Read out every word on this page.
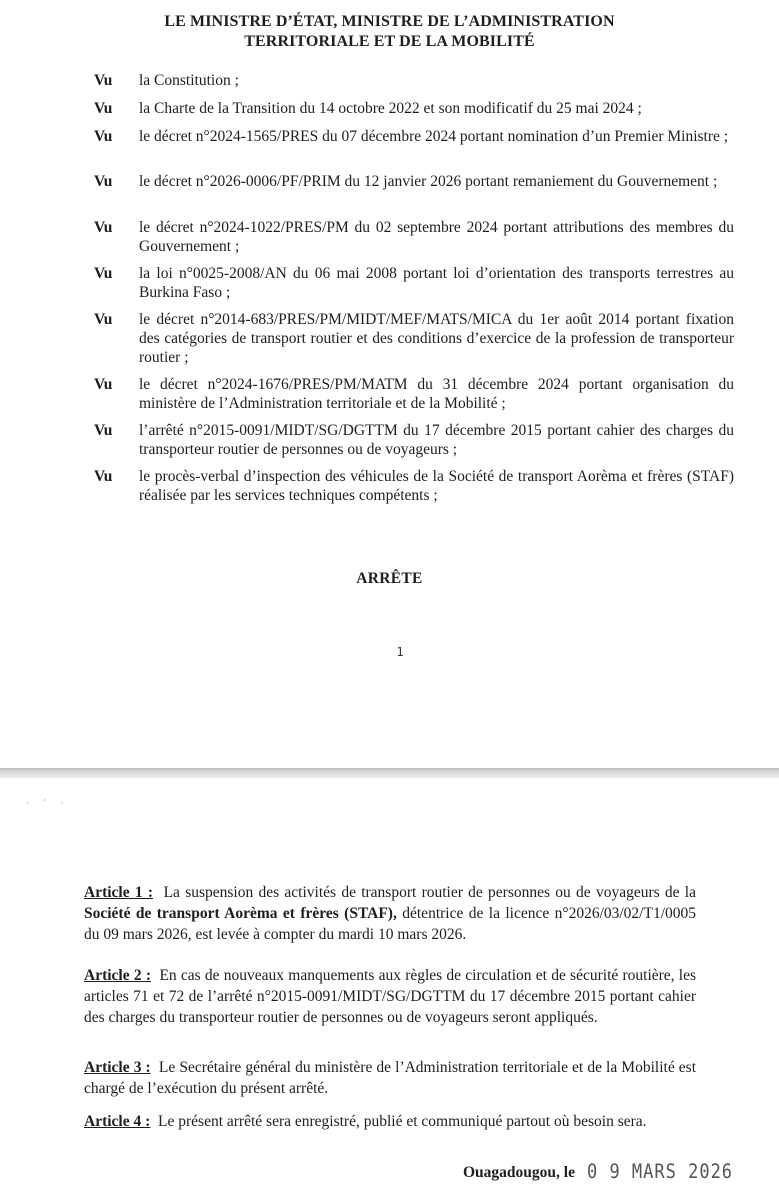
LE MINISTRE D’ÉTAT, MINISTRE DE L’ADMINISTRATION
TERRITORIALE ET DE LA MOBILITÉ
Vu la Constitution ;
Vu la Charte de la Transition du 14 octobre 2022 et son modificatif du 25 mai 2024 ;
Vu le décret n°2024-1565/PRES du 07 décembre 2024 portant nomination d’un Premier Ministre ;
Vu le décret n°2026-0006/PF/PRIM du 12 janvier 2026 portant remaniement du Gouvernement ;
Vu le décret n°2024-1022/PRES/PM du 02 septembre 2024 portant attributions des membres du Gouvernement ;
Vu la loi n°0025-2008/AN du 06 mai 2008 portant loi d’orientation des transports terrestres au Burkina Faso ;
Vu le décret n°2014-683/PRES/PM/MIDT/MEF/MATS/MICA du 1er août 2014 portant fixation des catégories de transport routier et des conditions d’exercice de la profession de transporteur routier ;
Vu le décret n°2024-1676/PRES/PM/MATM du 31 décembre 2024 portant organisation du ministère de l’Administration territoriale et de la Mobilité ;
Vu l’arrêté n°2015-0091/MIDT/SG/DGTTM du 17 décembre 2015 portant cahier des charges du transporteur routier de personnes ou de voyageurs ;
Vu le procès-verbal d’inspection des véhicules de la Société de transport Aorèma et frères (STAF) réalisée par les services techniques compétents ;
ARRÊTE
1
· ˊ ·
Article 1 : La suspension des activités de transport routier de personnes ou de voyageurs de la Société de transport Aorèma et frères (STAF), détentrice de la licence n°2026/03/02/T1/0005 du 09 mars 2026, est levée à compter du mardi 10 mars 2026.
Article 2 : En cas de nouveaux manquements aux règles de circulation et de sécurité routière, les articles 71 et 72 de l’arrêté n°2015-0091/MIDT/SG/DGTTM du 17 décembre 2015 portant cahier des charges du transporteur routier de personnes ou de voyageurs seront appliqués.
Article 3 : Le Secrétaire général du ministère de l’Administration territoriale et de la Mobilité est chargé de l’exécution du présent arrêté.
Article 4 : Le présent arrêté sera enregistré, publié et communiqué partout où besoin sera.
Ouagadougou, le 0 9 MARS 2026
